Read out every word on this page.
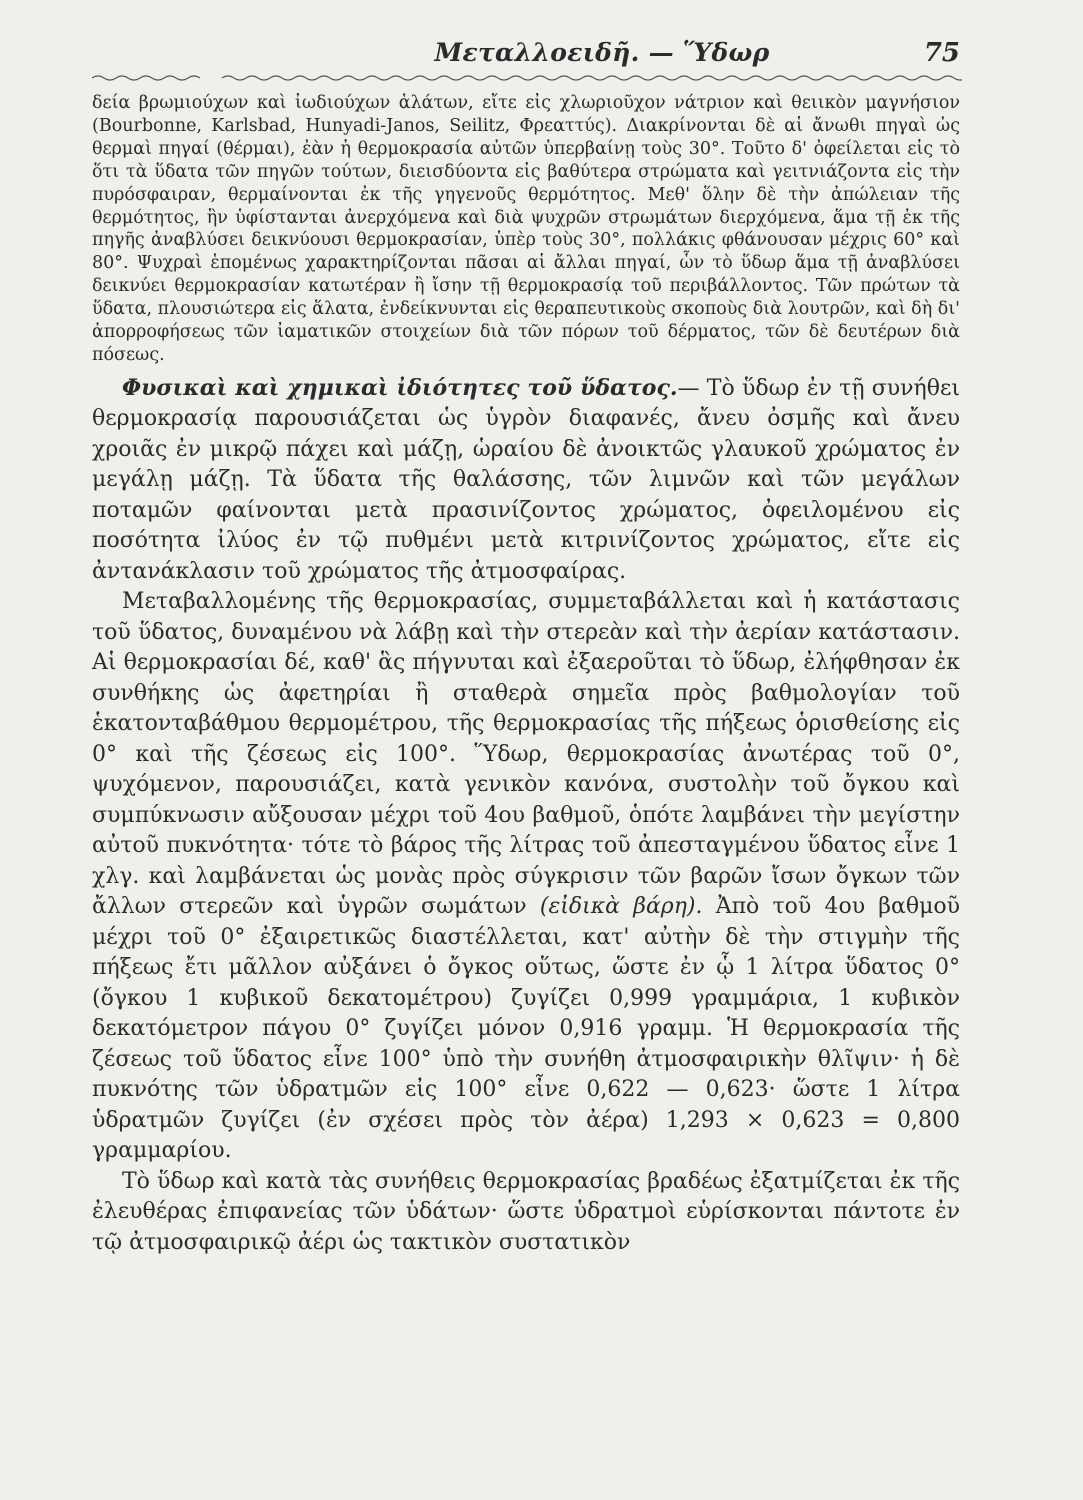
Μεταλλοειδῆ. — Ὕδωρ	75

δεία βρωμιούχων καὶ ἰωδιούχων ἁλάτων, εἴτε εἰς χλωριοῦχον νάτριον καὶ θειικὸν μαγνήσιον (Bourbonne, Karlsbad, Hunyadi-Janos, Seilitz, Φρεαττύς). Διακρίνονται δὲ αἱ ἄνωθι πηγαὶ ὡς θερμαὶ πηγαί (θέρμαι), ἐὰν ἡ θερμοκρασία αὐτῶν ὑπερβαίνῃ τοὺς 30°. Τοῦτο δ' ὀφείλεται εἰς τὸ ὅτι τὰ ὕδατα τῶν πηγῶν τούτων, διεισδύοντα εἰς βαθύτερα στρώματα καὶ γειτνιάζοντα εἰς τὴν πυρόσφαιραν, θερμαίνονται ἐκ τῆς γηγενοῦς θερμότητος. Μεθ' ὅλην δὲ τὴν ἀπώλειαν τῆς θερμότητος, ἣν ὑφίστανται ἀνερχόμενα καὶ διὰ ψυχρῶν στρωμάτων διερχόμενα, ἅμα τῇ ἐκ τῆς πηγῆς ἀναβλύσει δεικνύουσι θερμοκρασίαν, ὑπὲρ τοὺς 30°, πολλάκις φθάνουσαν μέχρις 60° καὶ 80°. Ψυχραὶ ἑπομένως χαρακτηρίζονται πᾶσαι αἱ ἄλλαι πηγαί, ὧν τὸ ὕδωρ ἅμα τῇ ἀναβλύσει δεικνύει θερμοκρασίαν κατωτέραν ἢ ἴσην τῇ θερμοκρασίᾳ τοῦ περιβάλλοντος. Τῶν πρώτων τὰ ὕδατα, πλουσιώτερα εἰς ἅλατα, ἐνδείκνυνται εἰς θεραπευτικοὺς σκοποὺς διὰ λουτρῶν, καὶ δὴ δι' ἀπορροφήσεως τῶν ἰαματικῶν στοιχείων διὰ τῶν πόρων τοῦ δέρματος, τῶν δὲ δευτέρων διὰ πόσεως.

Φυσικαὶ καὶ χημικαὶ ἰδιότητες τοῦ ὕδατος.— Τὸ ὕδωρ ἐν τῇ συνήθει θερμοκρασίᾳ παρουσιάζεται ὡς ὑγρὸν διαφανές, ἄνευ ὀσμῆς καὶ ἄνευ χροιᾶς ἐν μικρῷ πάχει καὶ μάζῃ, ὡραίου δὲ ἀνοικτῶς γλαυκοῦ χρώματος ἐν μεγάλῃ μάζῃ. Τὰ ὕδατα τῆς θαλάσσης, τῶν λιμνῶν καὶ τῶν μεγάλων ποταμῶν φαίνονται μετὰ πρασινίζοντος χρώματος, ὀφειλομένου εἰς ποσότητα ἰλύος ἐν τῷ πυθμένι μετὰ κιτρινίζοντος χρώματος, εἴτε εἰς ἀντανάκλασιν τοῦ χρώματος τῆς ἀτμοσφαίρας.

Μεταβαλλομένης τῆς θερμοκρασίας, συμμεταβάλλεται καὶ ἡ κατάστασις τοῦ ὕδατος, δυναμένου νὰ λάβῃ καὶ τὴν στερεὰν καὶ τὴν ἀερίαν κατάστασιν. Αἱ θερμοκρασίαι δέ, καθ' ἃς πήγνυται καὶ ἐξαεροῦται τὸ ὕδωρ, ἐλήφθησαν ἐκ συνθήκης ὡς ἀφετηρίαι ἢ σταθερὰ σημεῖα πρὸς βαθμολογίαν τοῦ ἑκατονταβάθμου θερμομέτρου, τῆς θερμοκρασίας τῆς πήξεως ὁρισθείσης εἰς 0° καὶ τῆς ζέσεως εἰς 100°. Ὕδωρ, θερμοκρασίας ἀνωτέρας τοῦ 0°, ψυχόμενον, παρουσιάζει, κατὰ γενικὸν κανόνα, συστολὴν τοῦ ὄγκου καὶ συμπύκνωσιν αὔξουσαν μέχρι τοῦ 4ου βαθμοῦ, ὁπότε λαμβάνει τὴν μεγίστην αὐτοῦ πυκνότητα· τότε τὸ βάρος τῆς λίτρας τοῦ ἀπεσταγμένου ὕδατος εἶνε 1 χλγ. καὶ λαμβάνεται ὡς μονὰς πρὸς σύγκρισιν τῶν βαρῶν ἴσων ὄγκων τῶν ἄλλων στερεῶν καὶ ὑγρῶν σωμάτων (εἰδικὰ βάρη). Ἀπὸ τοῦ 4ου βαθμοῦ μέχρι τοῦ 0° ἐξαιρετικῶς διαστέλλεται, κατ' αὐτὴν δὲ τὴν στιγμὴν τῆς πήξεως ἔτι μᾶλλον αὐξάνει ὁ ὄγκος οὕτως, ὥστε ἐν ᾧ 1 λίτρα ὕδατος 0° (ὄγκου 1 κυβικοῦ δεκατομέτρου) ζυγίζει 0,999 γραμμάρια, 1 κυβικὸν δεκατόμετρον πάγου 0° ζυγίζει μόνον 0,916 γραμμ. Ἡ θερμοκρασία τῆς ζέσεως τοῦ ὕδατος εἶνε 100° ὑπὸ τὴν συνήθη ἀτμοσφαιρικὴν θλῖψιν· ἡ δὲ πυκνότης τῶν ὑδρατμῶν εἰς 100° εἶνε 0,622 — 0,623· ὥστε 1 λίτρα ὑδρατμῶν ζυγίζει (ἐν σχέσει πρὸς τὸν ἀέρα) 1,293 × 0,623 = 0,800 γραμμαρίου.

Τὸ ὕδωρ καὶ κατὰ τὰς συνήθεις θερμοκρασίας βραδέως ἐξατμίζεται ἐκ τῆς ἐλευθέρας ἐπιφανείας τῶν ὑδάτων· ὥστε ὑδρατμοὶ εὑρίσκονται πάντοτε ἐν τῷ ἀτμοσφαιρικῷ ἀέρι ὡς τακτικὸν συστατικὸν
